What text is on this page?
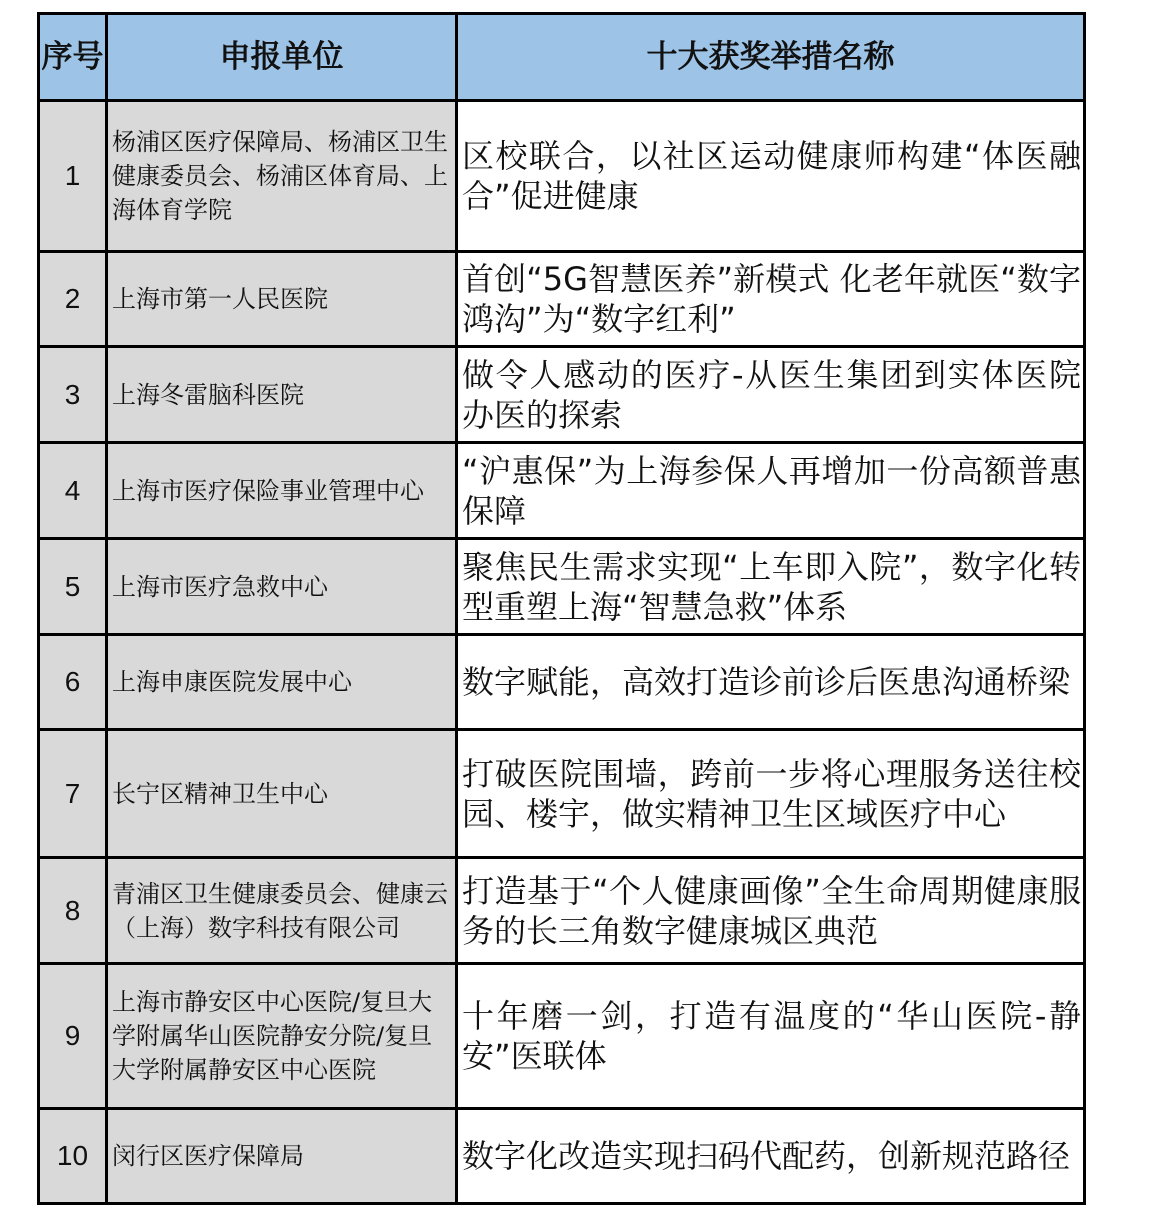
序号	申报单位	十大获奖举措名称
1	杨浦区医疗保障局、杨浦区卫生健康委员会、杨浦区体育局、上海体育学院	区校联合，以社区运动健康师构建“体医融合”促进健康
2	上海市第一人民医院	首创“5G智慧医养”新模式 化老年就医“数字鸿沟”为“数字红利”
3	上海冬雷脑科医院	做令人感动的医疗-从医生集团到实体医院办医的探索
4	上海市医疗保险事业管理中心	“沪惠保”为上海参保人再增加一份高额普惠保障
5	上海市医疗急救中心	聚焦民生需求实现“上车即入院”，数字化转型重塑上海“智慧急救”体系
6	上海申康医院发展中心	数字赋能，高效打造诊前诊后医患沟通桥梁
7	长宁区精神卫生中心	打破医院围墙，跨前一步将心理服务送往校园、楼宇，做实精神卫生区域医疗中心
8	青浦区卫生健康委员会、健康云（上海）数字科技有限公司	打造基于“个人健康画像”全生命周期健康服务的长三角数字健康城区典范
9	上海市静安区中心医院/复旦大学附属华山医院静安分院/复旦大学附属静安区中心医院	十年磨一剑，打造有温度的“华山医院-静安”医联体
10	闵行区医疗保障局	数字化改造实现扫码代配药，创新规范路径
